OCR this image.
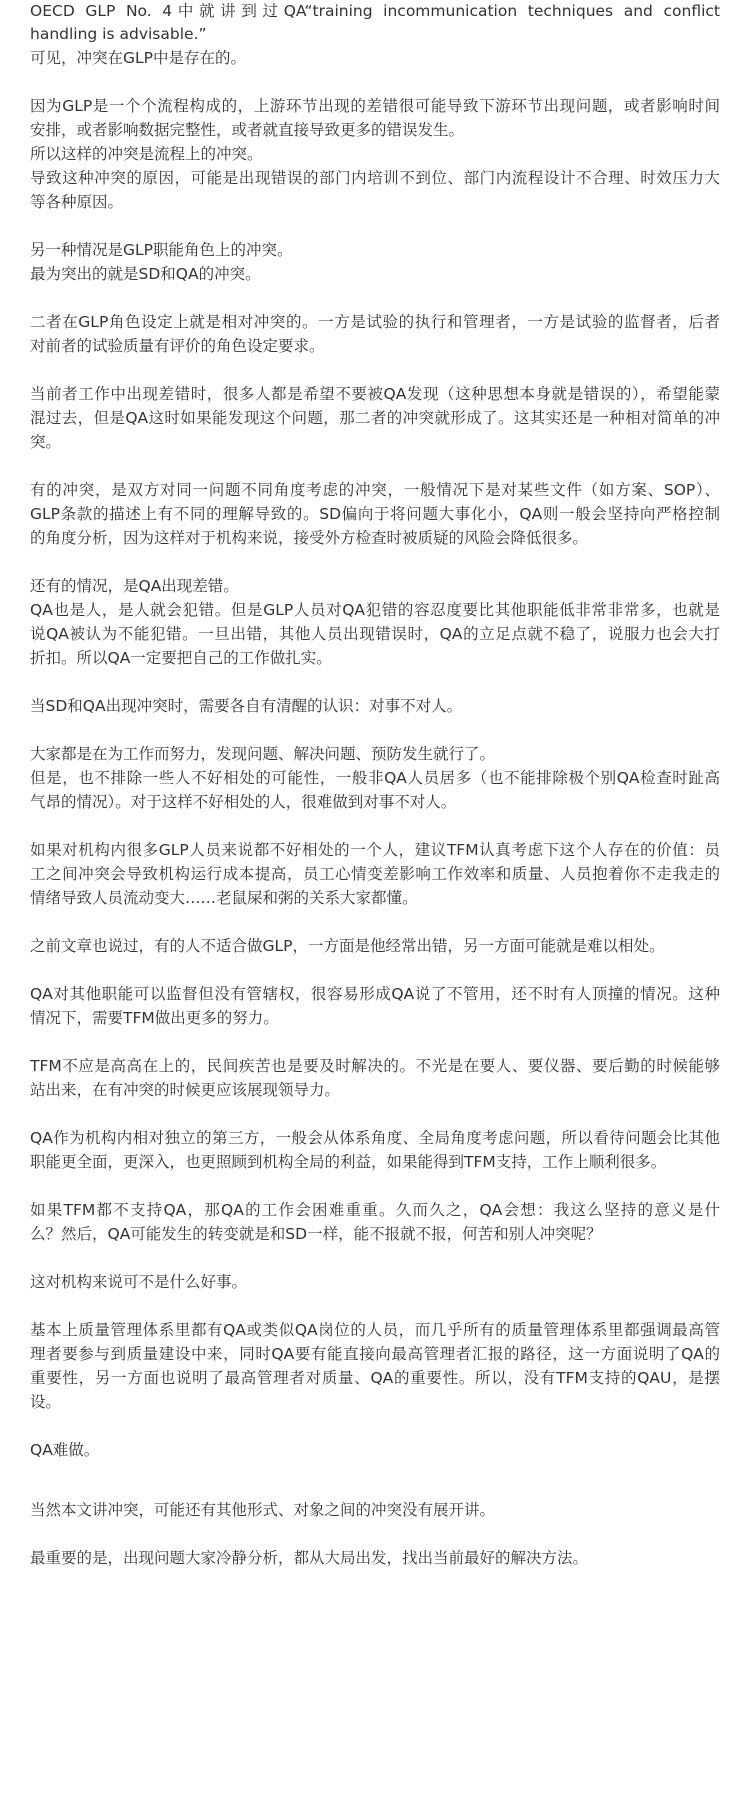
OECD GLP No. 4中就讲到过QA“training incommunication techniques and conflict
handling is advisable.”
可见，冲突在GLP中是存在的。
因为GLP是一个个流程构成的，上游环节出现的差错很可能导致下游环节出现问题，或者影响时间
安排，或者影响数据完整性，或者就直接导致更多的错误发生。
所以这样的冲突是流程上的冲突。
导致这种冲突的原因，可能是出现错误的部门内培训不到位、部门内流程设计不合理、时效压力大
等各种原因。
另一种情况是GLP职能角色上的冲突。
最为突出的就是SD和QA的冲突。
二者在GLP角色设定上就是相对冲突的。一方是试验的执行和管理者，一方是试验的监督者，后者
对前者的试验质量有评价的角色设定要求。
当前者工作中出现差错时，很多人都是希望不要被QA发现（这种思想本身就是错误的），希望能蒙
混过去，但是QA这时如果能发现这个问题，那二者的冲突就形成了。这其实还是一种相对简单的冲
突。
有的冲突，是双方对同一问题不同角度考虑的冲突，一般情况下是对某些文件（如方案、SOP）、
GLP条款的描述上有不同的理解导致的。SD偏向于将问题大事化小，QA则一般会坚持向严格控制
的角度分析，因为这样对于机构来说，接受外方检查时被质疑的风险会降低很多。
还有的情况，是QA出现差错。
QA也是人，是人就会犯错。但是GLP人员对QA犯错的容忍度要比其他职能低非常非常多，也就是
说QA被认为不能犯错。一旦出错，其他人员出现错误时，QA的立足点就不稳了，说服力也会大打
折扣。所以QA一定要把自己的工作做扎实。
当SD和QA出现冲突时，需要各自有清醒的认识：对事不对人。
大家都是在为工作而努力，发现问题、解决问题、预防发生就行了。
但是，也不排除一些人不好相处的可能性，一般非QA人员居多（也不能排除极个别QA检查时趾高
气昂的情况）。对于这样不好相处的人，很难做到对事不对人。
如果对机构内很多GLP人员来说都不好相处的一个人，建议TFM认真考虑下这个人存在的价值：员
工之间冲突会导致机构运行成本提高，员工心情变差影响工作效率和质量、人员抱着你不走我走的
情绪导致人员流动变大……老鼠屎和粥的关系大家都懂。
之前文章也说过，有的人不适合做GLP，一方面是他经常出错，另一方面可能就是难以相处。
QA对其他职能可以监督但没有管辖权，很容易形成QA说了不管用，还不时有人顶撞的情况。这种
情况下，需要TFM做出更多的努力。
TFM不应是高高在上的，民间疾苦也是要及时解决的。不光是在要人、要仪器、要后勤的时候能够
站出来，在有冲突的时候更应该展现领导力。
QA作为机构内相对独立的第三方，一般会从体系角度、全局角度考虑问题，所以看待问题会比其他
职能更全面，更深入，也更照顾到机构全局的利益，如果能得到TFM支持，工作上顺利很多。
如果TFM都不支持QA，那QA的工作会困难重重。久而久之，QA会想：我这么坚持的意义是什
么？然后，QA可能发生的转变就是和SD一样，能不报就不报，何苦和别人冲突呢？
这对机构来说可不是什么好事。
基本上质量管理体系里都有QA或类似QA岗位的人员，而几乎所有的质量管理体系里都强调最高管
理者要参与到质量建设中来，同时QA要有能直接向最高管理者汇报的路径，这一方面说明了QA的
重要性，另一方面也说明了最高管理者对质量、QA的重要性。所以，没有TFM支持的QAU，是摆
设。
QA难做。
当然本文讲冲突，可能还有其他形式、对象之间的冲突没有展开讲。
最重要的是，出现问题大家冷静分析，都从大局出发，找出当前最好的解决方法。
